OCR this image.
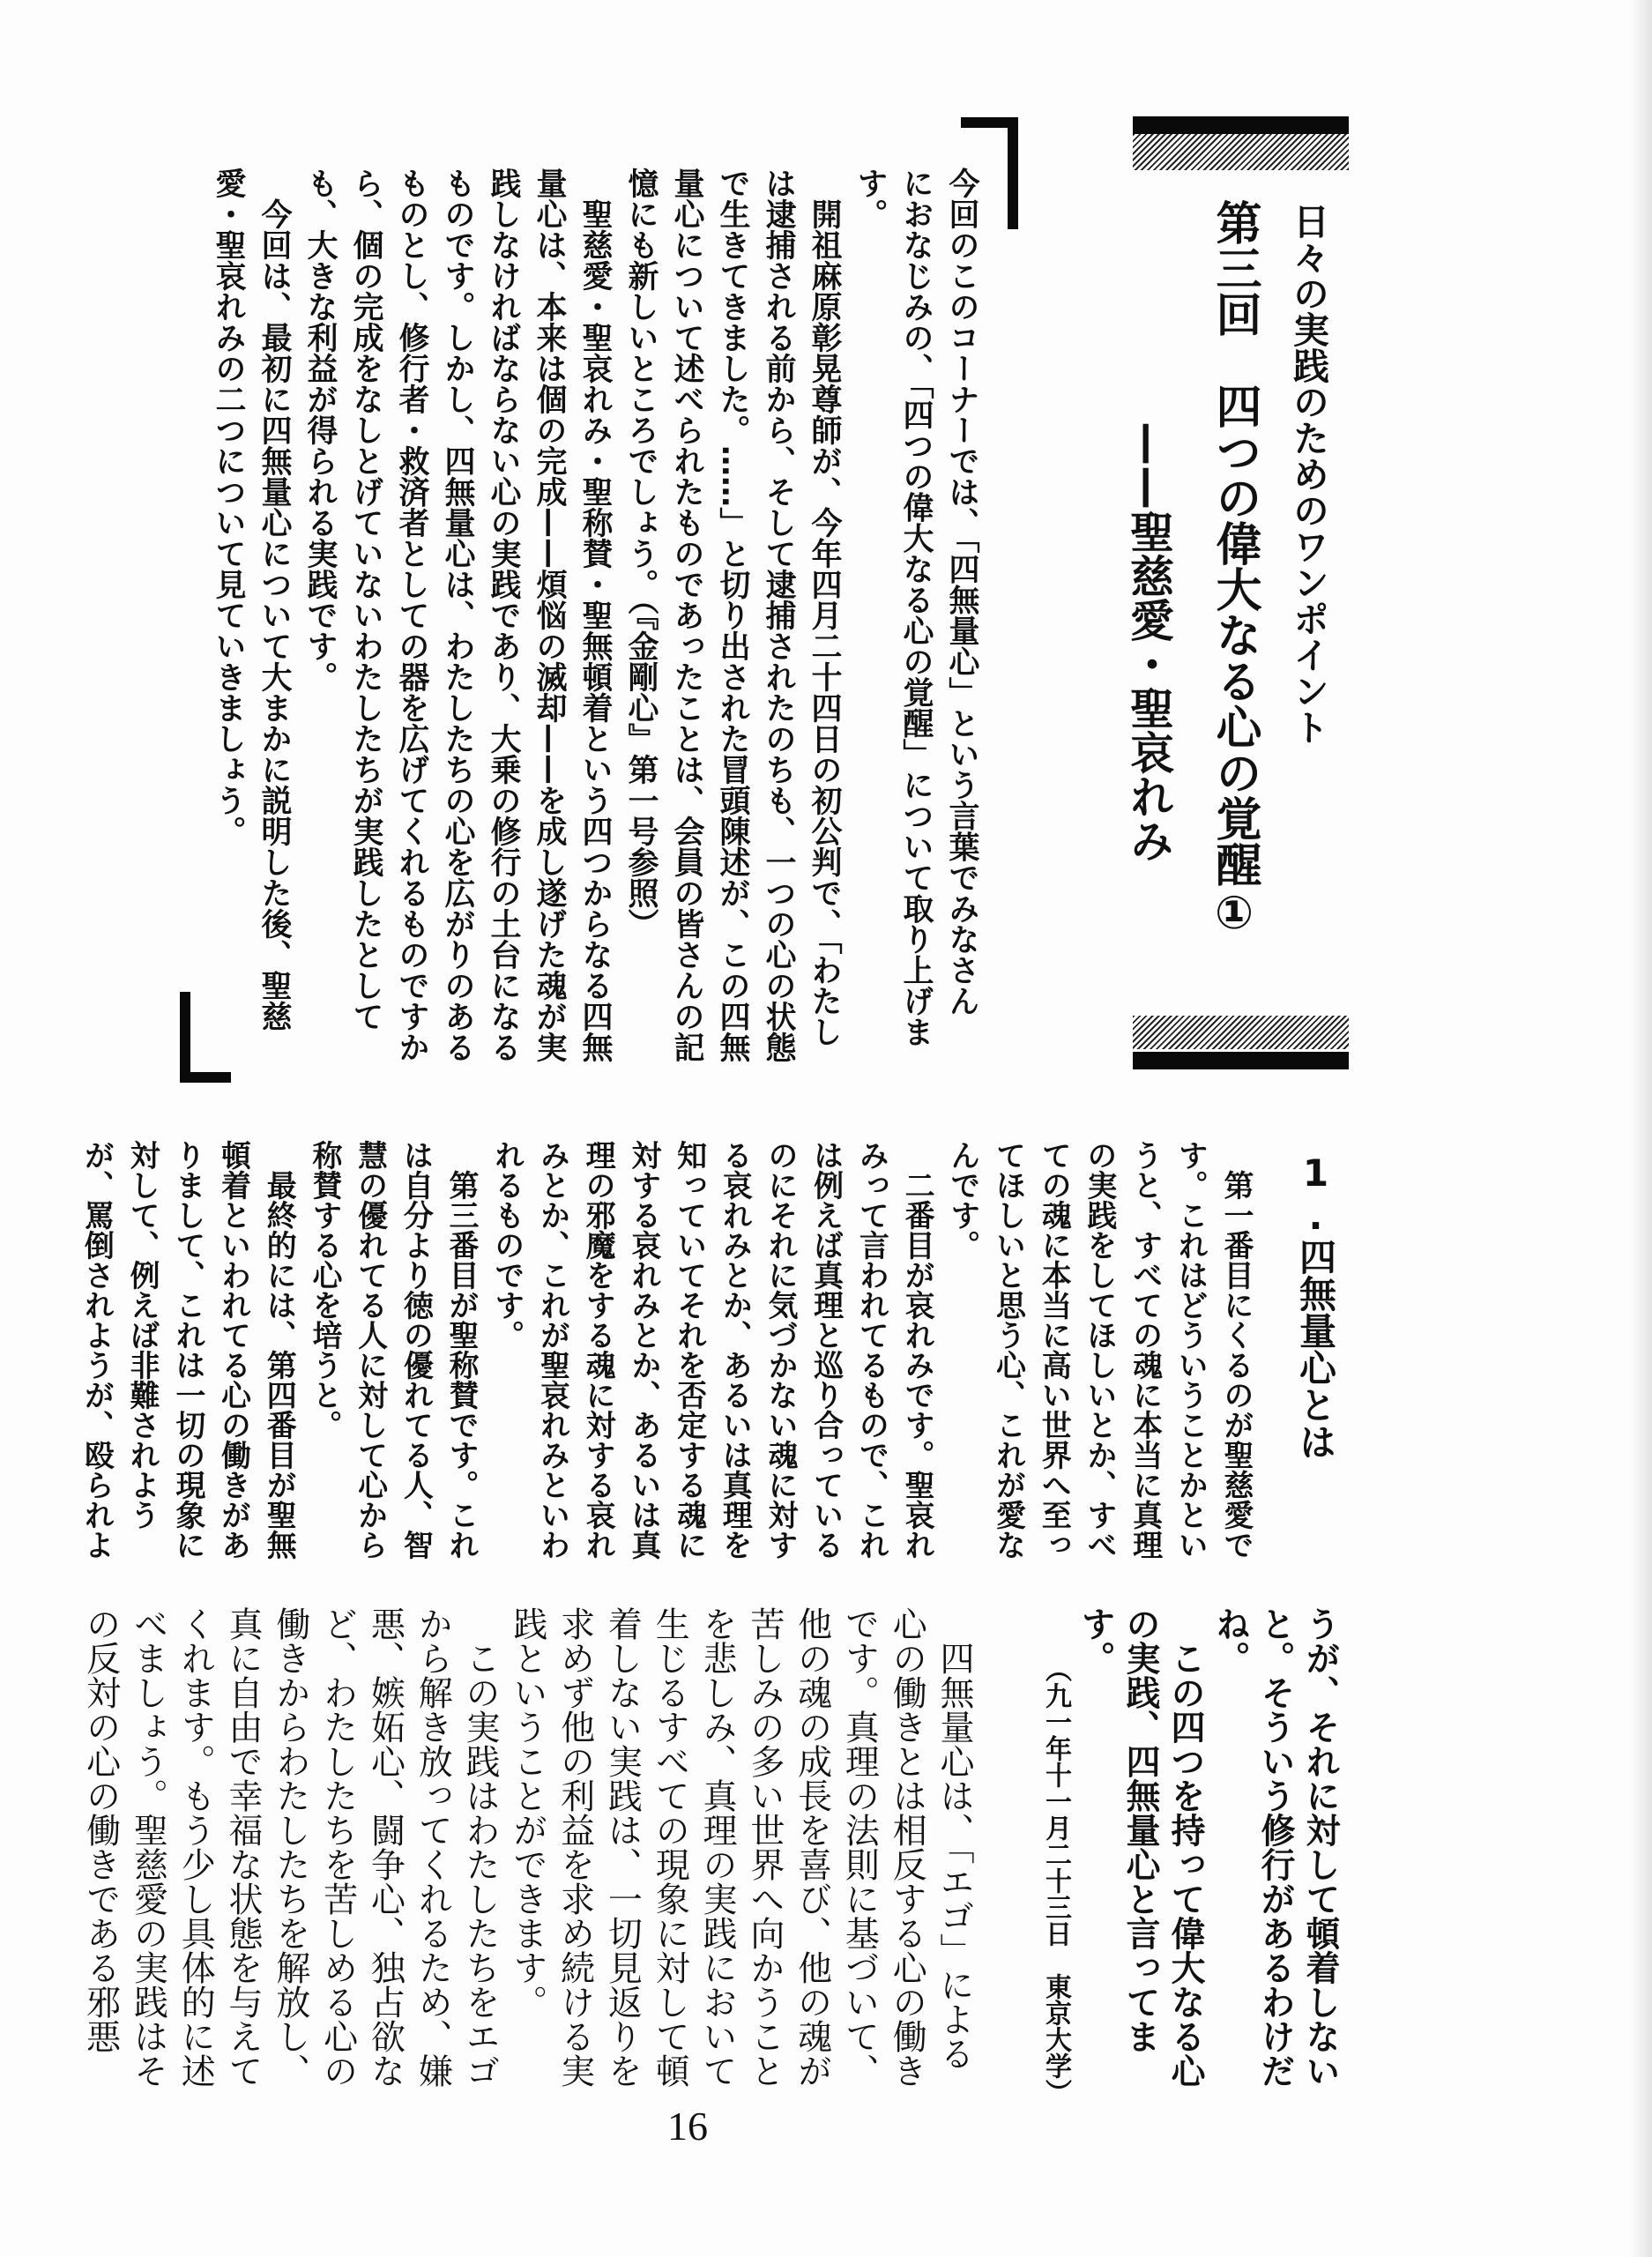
日々の実践のためのワンポイント
第三回　四つの偉大なる心の覚醒①
——聖慈愛・聖哀れみ
今回のこのコーナーでは、「四無量心」という言葉でみなさん
におなじみの、「四つの偉大なる心の覚醒」について取り上げま
す。
　開祖麻原彰晃尊師が、今年四月二十四日の初公判で、「わたし
は逮捕される前から、そして逮捕されたのちも、一つの心の状態
で生きてきました。……」と切り出された冒頭陳述が、この四無
量心について述べられたものであったことは、会員の皆さんの記
憶にも新しいところでしょう。（『金剛心』第一号参照）
　聖慈愛・聖哀れみ・聖称賛・聖無頓着という四つからなる四無
量心は、本来は個の完成——煩悩の滅却——を成し遂げた魂が実
践しなければならない心の実践であり、大乗の修行の土台になる
ものです。しかし、四無量心は、わたしたちの心を広がりのある
ものとし、修行者・救済者としての器を広げてくれるものですか
ら、個の完成をなしとげていないわたしたちが実践したとして
も、大きな利益が得られる実践です。
　今回は、最初に四無量心について大まかに説明した後、聖慈
愛・聖哀れみの二つについて見ていきましょう。
1.四無量心とは
　第一番目にくるのが聖慈愛で
す。これはどういうことかとい
うと、すべての魂に本当に真理
の実践をしてほしいとか、すべ
ての魂に本当に高い世界へ至っ
てほしいと思う心、これが愛な
んです。
　二番目が哀れみです。聖哀れ
みって言われてるもので、これ
は例えば真理と巡り合っている
のにそれに気づかない魂に対す
る哀れみとか、あるいは真理を
知っていてそれを否定する魂に
対する哀れみとか、あるいは真
理の邪魔をする魂に対する哀れ
みとか、これが聖哀れみといわ
れるものです。
　第三番目が聖称賛です。これ
は自分より徳の優れてる人、智
慧の優れてる人に対して心から
称賛する心を培うと。
　最終的には、第四番目が聖無
頓着といわれてる心の働きがあ
りまして、これは一切の現象に
対して、例えば非難されよう
が、罵倒されようが、殴られよ
うが、それに対して頓着しない
と。そういう修行があるわけだ
ね。
　この四つを持って偉大なる心
の実践、四無量心と言ってま
す。
（九一年十一月二十三日　東京大学）
　四無量心は、「エゴ」による
心の働きとは相反する心の働き
です。真理の法則に基づいて、
他の魂の成長を喜び、他の魂が
苦しみの多い世界へ向かうこと
を悲しみ、真理の実践において
生じるすべての現象に対して頓
着しない実践は、一切見返りを
求めず他の利益を求め続ける実
践ということができます。
　この実践はわたしたちをエゴ
から解き放ってくれるため、嫌
悪、嫉妬心、闘争心、独占欲な
ど、わたしたちを苦しめる心の
働きからわたしたちを解放し、
真に自由で幸福な状態を与えて
くれます。もう少し具体的に述
べましょう。聖慈愛の実践はそ
の反対の心の働きである邪悪
16
